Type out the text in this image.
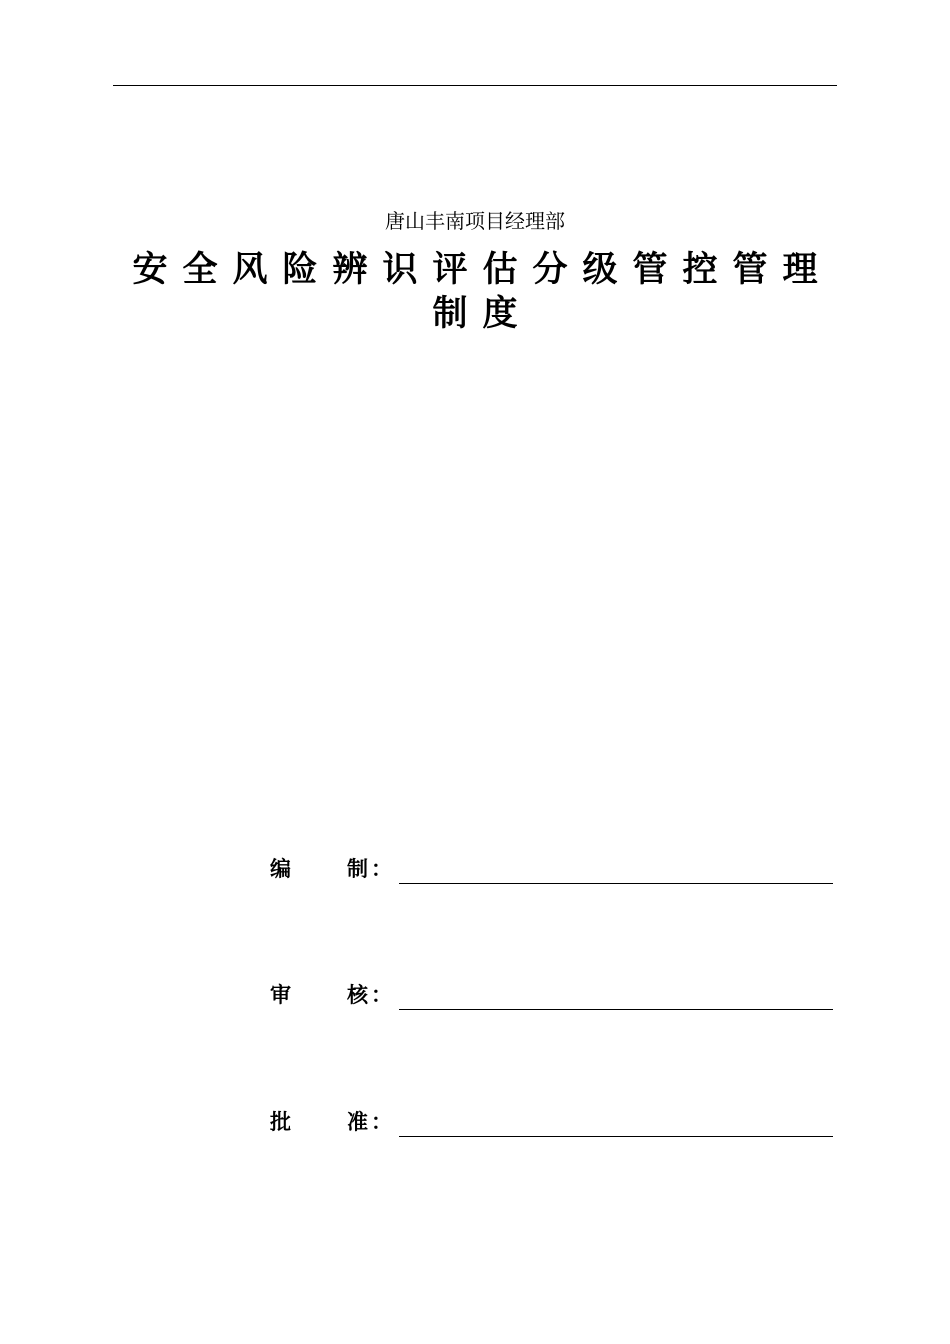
唐山丰南项目经理部
安全风险辨识评估分级管控管理
制度
编	制 ：
审	核 ：
批	准 ：
